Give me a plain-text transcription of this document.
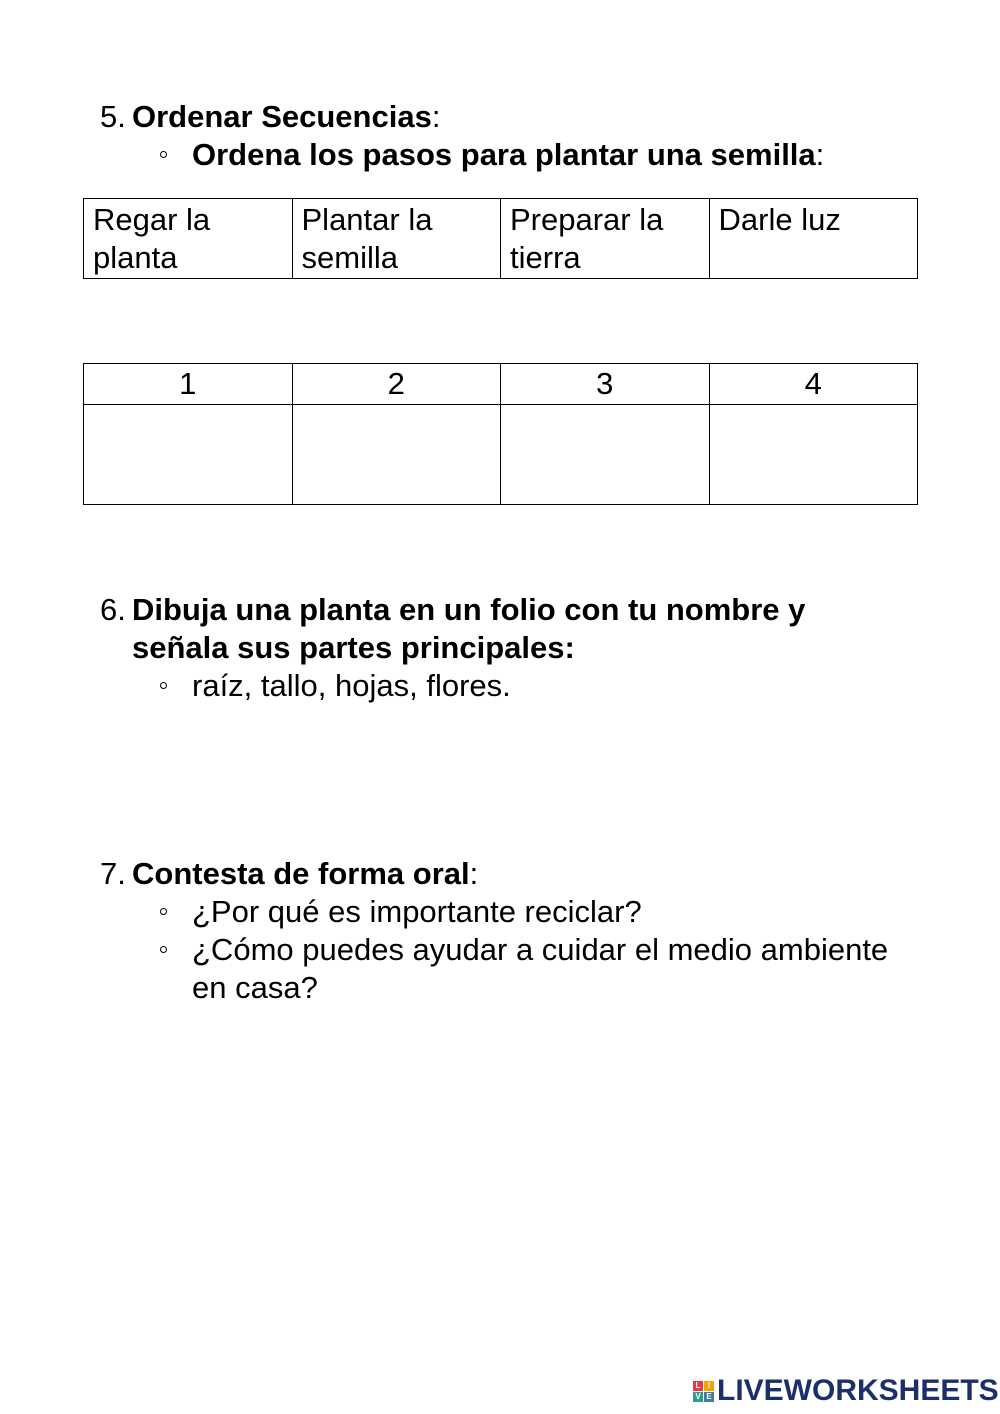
5. Ordenar Secuencias:
Ordena los pasos para plantar una semilla:
Regar la planta	Plantar la semilla	Preparar la tierra	Darle luz
1	2	3	4

6. Dibuja una planta en un folio con tu nombre y
señala sus partes principales:
raíz, tallo, hojas, flores.
7. Contesta de forma oral:
¿Por qué es importante reciclar?
¿Cómo puedes ayudar a cuidar el medio ambiente en casa?
L I
V E LIVEWORKSHEETS
